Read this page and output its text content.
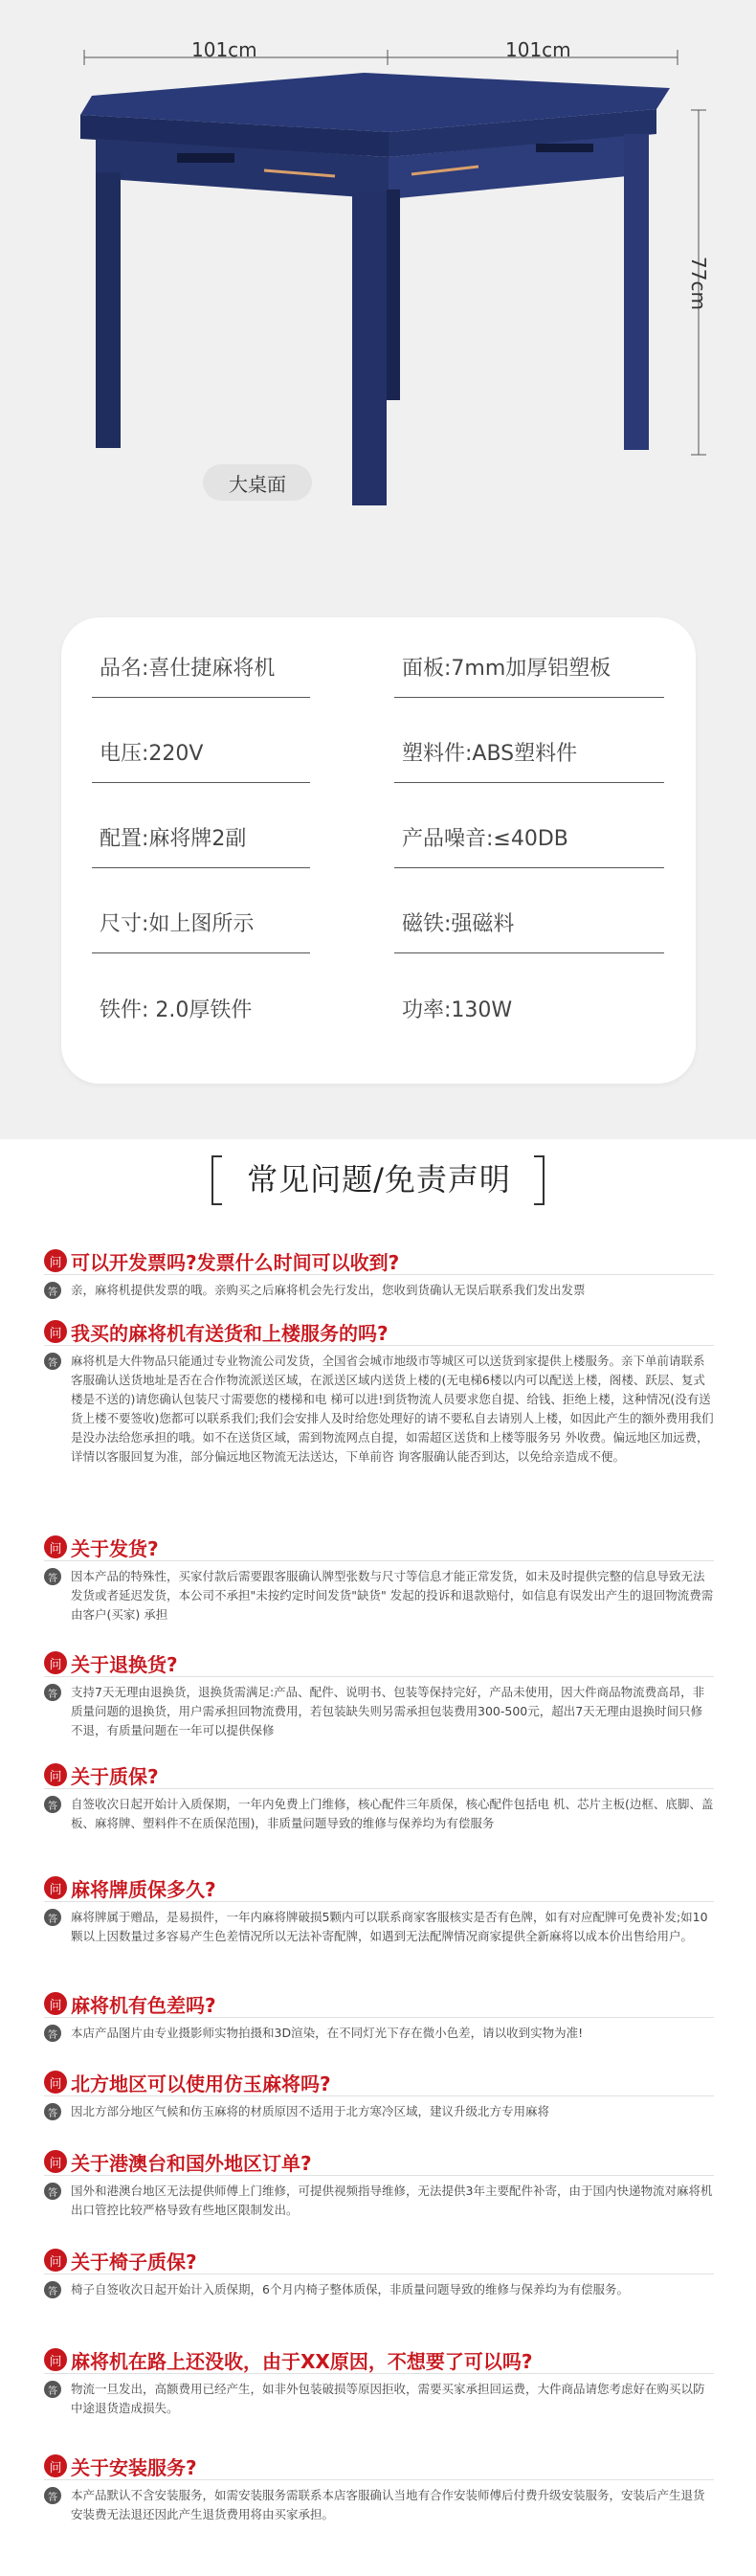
101cm	101cm
77cm
大桌面
品名:喜仕捷麻将机	面板:7mm加厚铝塑板
电压:220V	塑料件:ABS塑料件
配置:麻将牌2副	产品噪音:≤40DB
尺寸:如上图所示	磁铁:强磁料
铁件: 2.0厚铁件	功率:130W
常见问题/免责声明
问 可以开发票吗?发票什么时间可以收到?
答	亲，麻将机提供发票的哦。亲购买之后麻将机会先行发出，您收到货确认无误后联系我们发出发票
问 我买的麻将机有送货和上楼服务的吗?
答	麻将机是大件物品只能通过专业物流公司发货，全国省会城市地级市等城区可以送货到家提供上楼服务。亲下单前请联系客服确认送货地址是否在合作物流派送区域，在派送区域内送货上楼的(无电梯6楼以内可以配送上楼，阁楼、跃层、复式楼是不送的)请您确认包装尺寸需要您的楼梯和电 梯可以进!到货物流人员要求您自提、给钱、拒绝上楼，这种情况(没有送货上楼不要签收)您都可以联系我们;我们会安排人及时给您处理好的请不要私自去请别人上楼，如因此产生的额外费用我们是没办法给您承担的哦。如不在送货区域，需到物流网点自提，如需超区送货和上楼等服务另 外收费。偏远地区加远费，详情以客服回复为准，部分偏远地区物流无法送达，下单前咨 询客服确认能否到达，以免给亲造成不便。
问 关于发货?
答	因本产品的特殊性，买家付款后需要跟客服确认牌型张数与尺寸等信息才能正常发货，如未及时提供完整的信息导致无法发货或者延迟发货，本公司不承担"未按约定时间发货"缺货" 发起的投诉和退款赔付，如信息有误发出产生的退回物流费需由客户(买家) 承担
问 关于退换货?
答	支持7天无理由退换货，退换货需满足:产品、配件、说明书、包装等保持完好，产品未使用，因大件商品物流费高昂，非质量问题的退换货，用户需承担回物流费用，若包装缺失则另需承担包装费用300-500元，超出7天无理由退换时间只修不退，有质量问题在一年可以提供保修
问 关于质保?
答	自签收次日起开始计入质保期，一年内免费上门维修，核心配件三年质保，核心配件包括电 机、芯片主板(边框、底脚、盖板、麻将牌、塑料件不在质保范围)，非质量问题导致的维修与保养均为有偿服务
问 麻将牌质保多久?
答	麻将牌属于赠品，是易损件，一年内麻将牌破损5颗内可以联系商家客服核实是否有色牌，如有对应配牌可免费补发;如10颗以上因数量过多容易产生色差情况所以无法补寄配牌，如遇到无法配牌情况商家提供全新麻将以成本价出售给用户。
问 麻将机有色差吗?
答	本店产品图片由专业摄影师实物拍摄和3D渲染，在不同灯光下存在微小色差，请以收到实物为准!
问 北方地区可以使用仿玉麻将吗?
答	因北方部分地区气候和仿玉麻将的材质原因不适用于北方寒冷区域，建议升级北方专用麻将
问 关于港澳台和国外地区订单?
答	国外和港澳台地区无法提供师傅上门维修，可提供视频指导维修，无法提供3年主要配件补寄，由于国内快递物流对麻将机出口管控比较严格导致有些地区限制发出。
问 关于椅子质保?
答	椅子自签收次日起开始计入质保期，6个月内椅子整体质保，非质量问题导致的维修与保养均为有偿服务。
问 麻将机在路上还没收，由于XX原因，不想要了可以吗?
答	物流一旦发出，高额费用已经产生，如非外包装破损等原因拒收，需要买家承担回运费，大件商品请您考虑好在购买以防中途退货造成损失。
问 关于安装服务?
答	本产品默认不含安装服务，如需安装服务需联系本店客服确认当地有合作安装师傅后付费升级安装服务，安装后产生退货安装费无法退还因此产生退货费用将由买家承担。
